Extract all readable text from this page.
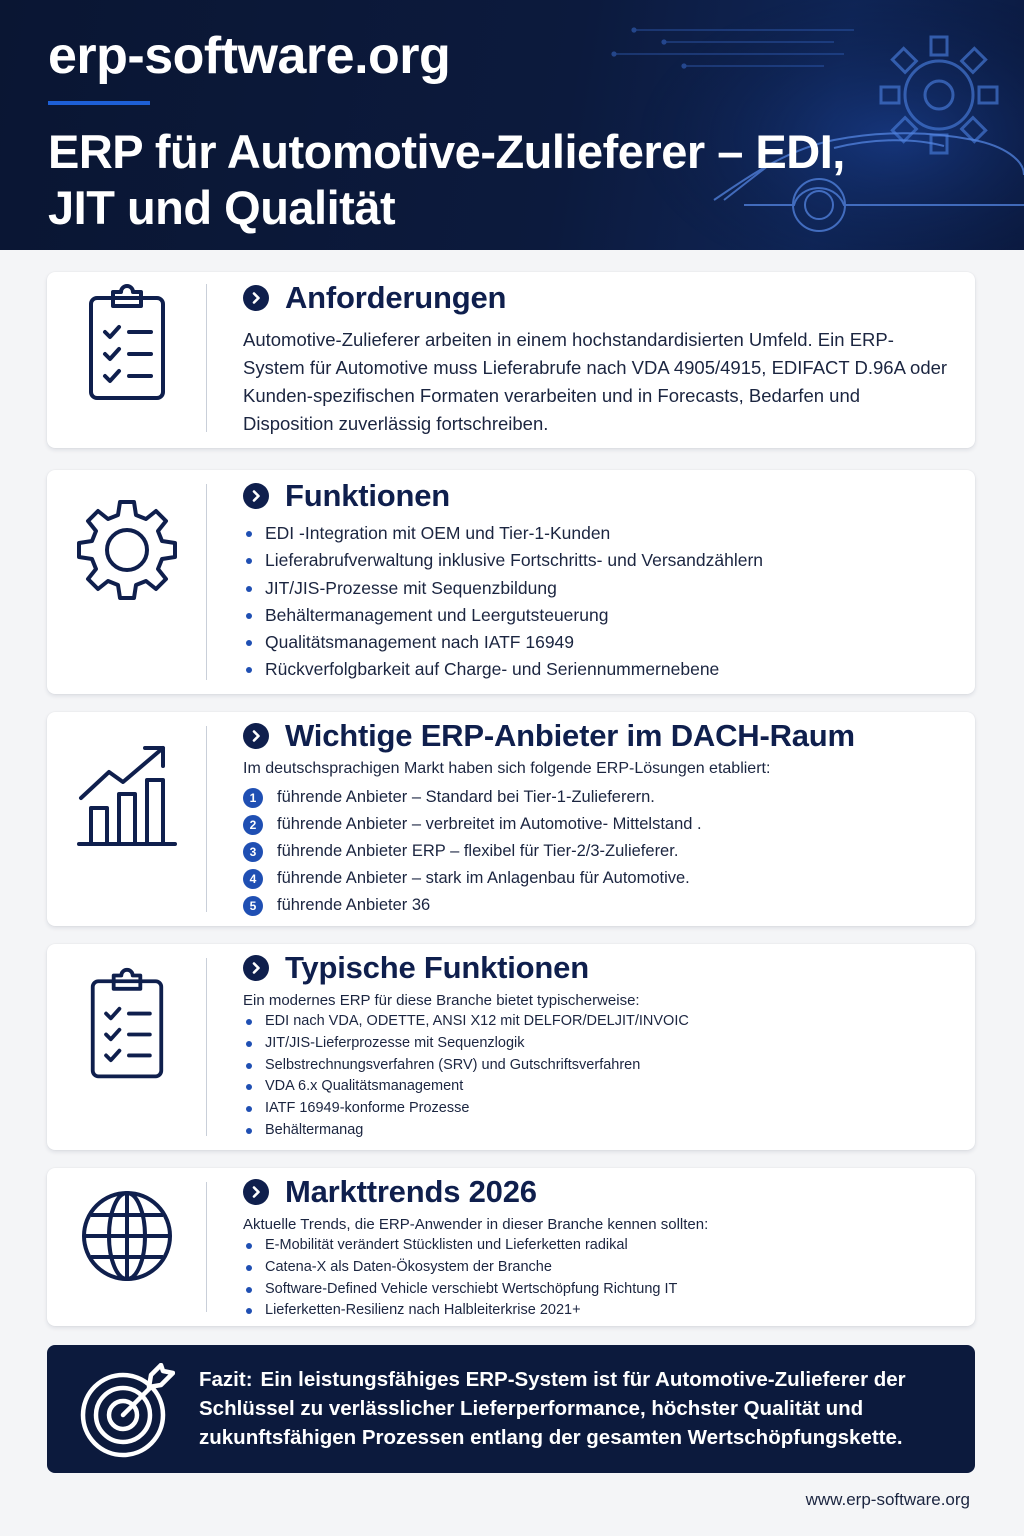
erp-software.org
ERP für Automotive-Zulieferer – EDI, JIT und Qualität
Anforderungen

Automotive-Zulieferer arbeiten in einem hochstandardisierten Umfeld. Ein ERP-System für Automotive muss Lieferabrufe nach VDA 4905/4915, EDIFACT D.96A oder Kunden-spezifischen Formaten verarbeiten und in Forecasts, Bedarfen und Disposition zuverlässig fortschreiben.

Funktionen
EDI -Integration mit OEM und Tier-1-Kunden
Lieferabrufverwaltung inklusive Fortschritts- und Versandzählern
JIT/JIS-Prozesse mit Sequenzbildung
Behältermanagement und Leergutsteuerung
Qualitätsmanagement nach IATF 16949
Rückverfolgbarkeit auf Charge- und Seriennummernebene
Wichtige ERP-Anbieter im DACH-Raum
Im deutschsprachigen Markt haben sich folgende ERP-Lösungen etabliert:
1	führende Anbieter – Standard bei Tier-1-Zulieferern.
2	führende Anbieter – verbreitet im Automotive- Mittelstand .
3	führende Anbieter ERP – flexibel für Tier-2/3-Zulieferer.
4	führende Anbieter – stark im Anlagenbau für Automotive.
5	führende Anbieter 36
Typische Funktionen
Ein modernes ERP für diese Branche bietet typischerweise:
EDI nach VDA, ODETTE, ANSI X12 mit DELFOR/DELJIT/INVOIC
JIT/JIS-Lieferprozesse mit Sequenzlogik
Selbstrechnungsverfahren (SRV) und Gutschriftsverfahren
VDA 6.x Qualitätsmanagement
IATF 16949-konforme Prozesse
Behältermanag
Markttrends 2026
Aktuelle Trends, die ERP-Anwender in dieser Branche kennen sollten:
E-Mobilität verändert Stücklisten und Lieferketten radikal
Catena-X als Daten-Ökosystem der Branche
Software-Defined Vehicle verschiebt Wertschöpfung Richtung IT
Lieferketten-Resilienz nach Halbleiterkrise 2021+
Fazit: Ein leistungsfähiges ERP-System ist für Automotive-Zulieferer der Schlüssel zu verlässlicher Lieferperformance, höchster Qualität und zukunftsfähigen Prozessen entlang der gesamten Wertschöpfungskette.
www.erp-software.org
